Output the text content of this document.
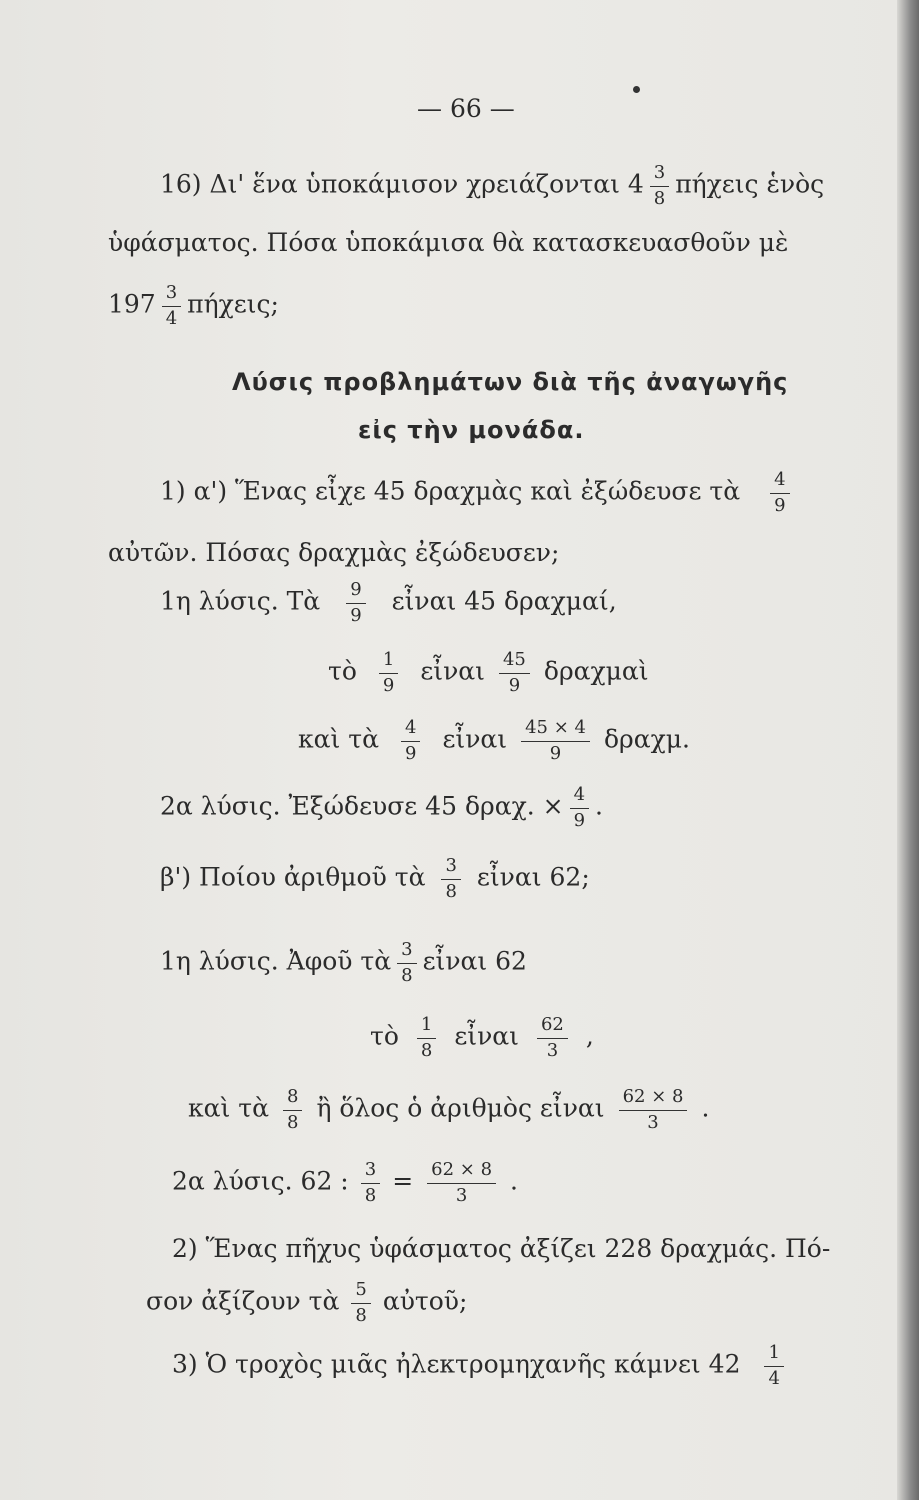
— 66 —
16) Δι' ἕνα ὑποκάμισον χρειάζονται $4 \frac{3}{8}$ πήχεις ἑνὸς
ὑφάσματος. Πόσα ὑποκάμισα θὰ κατασκευασθοῦν μὲ
$197 \frac{3}{4} \pi ή\chi\varepsilon\iota\varsigma$;
Λύσις προβλημάτων διὰ τῆς ἀναγωγῆς
εἰς τὴν μονάδα.
1) α') Ἕνας εἶχε 45 δραχμὰς καὶ ἐξώδευσε τὰ $\frac{4}{9}$
αὐτῶν. Πόσας δραχμὰς ἐξώδευσεν;
1η λύσις. Τὰ $\frac{9}{9}$ εἶναι 45 δραχμαί,
τὸ $\frac{1}{9}$ εἶναι $\frac{45}{9}$ δραχμαὶ
καὶ τὰ $\frac{4}{9}$ εἶναι $\frac{45 \times 4}{9} \delta\rho\alpha\chi\mu$.
2α λύσις. Ἐξώδευσε 45 δραχ. × $\frac{4}{9}$ .
β') Ποίου ἀριθμοῦ τὰ $\frac{3}{8}$ εἶναι 62;
1η λύσις. Ἀφοῦ τὰ $\frac{3}{8}$ εἶναι 62
τὸ $\frac{1}{8}$ εἶναι $\frac{62}{3}$ ,
καὶ τὰ $\frac{8}{8}$ ἢ ὅλος ὁ ἀριθμὸς εἶναι $\frac{62 \times 8}{3}$ .
2α λύσις. 62 : $\frac{3}{8} = \frac{62 \times 8}{3}$ .
2) Ἕνας πῆχυς ὑφάσματος ἀξίζει 228 δραχμάς. Πό-
σον ἀξίζουν τὰ $\frac{5}{8}$ αὐτοῦ;
3) Ὁ τροχὸς μιᾶς ἠλεκτρομηχανῆς κάμνει $42 \frac{1}{4}$
